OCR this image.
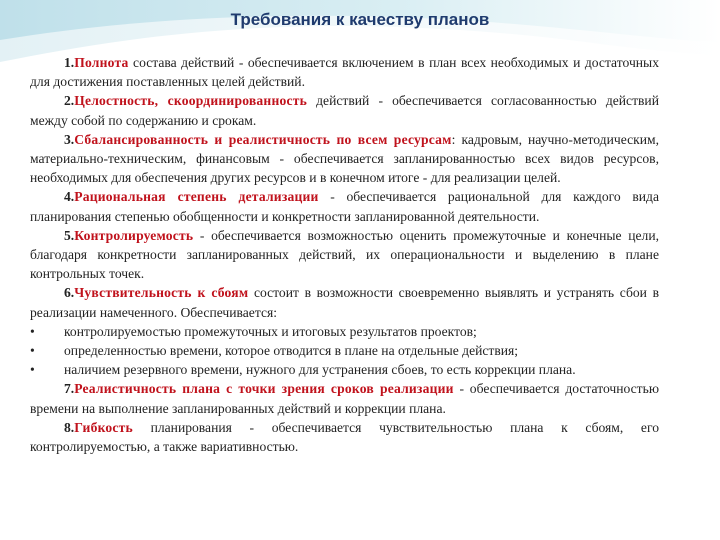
Требования к качеству планов

1.Полнота состава действий - обеспечивается включением в план всех необходимых и достаточных для достижения поставленных целей действий.

2.Целостность, скоординированность действий - обеспечивается согласованностью действий между собой по содержанию и срокам.

3.Сбалансированность и реалистичность по всем ресурсам: кадровым, научно-методическим, материально-техническим, финансовым - обеспечивается запланированностью всех видов ресурсов, необходимых для обеспечения других ресурсов и в конечном итоге - для реализации целей.

4.Рациональная степень детализации - обеспечивается рациональной для каждого вида планирования степенью обобщенности и конкретности запланированной деятельности.

5.Контролируемость - обеспечивается возможностью оценить промежуточные и конечные цели, благодаря конкретности запланированных действий, их операциональности и выделению в плане контрольных точек.

6.Чувствительность к сбоям состоит в возможности своевременно выявлять и устранять сбои в реализации намеченного. Обеспечивается:

• контролируемостью промежуточных и итоговых результатов проектов;

• определенностью времени, которое отводится в плане на отдельные действия;

• наличием резервного времени, нужного для устранения сбоев, то есть коррекции плана.

7.Реалистичность плана с точки зрения сроков реализации - обеспечивается достаточностью времени на выполнение запланированных действий и коррекции плана.

8.Гибкость планирования - обеспечивается чувствительностью плана к сбоям, его контролируемостью, а также вариативностью.
